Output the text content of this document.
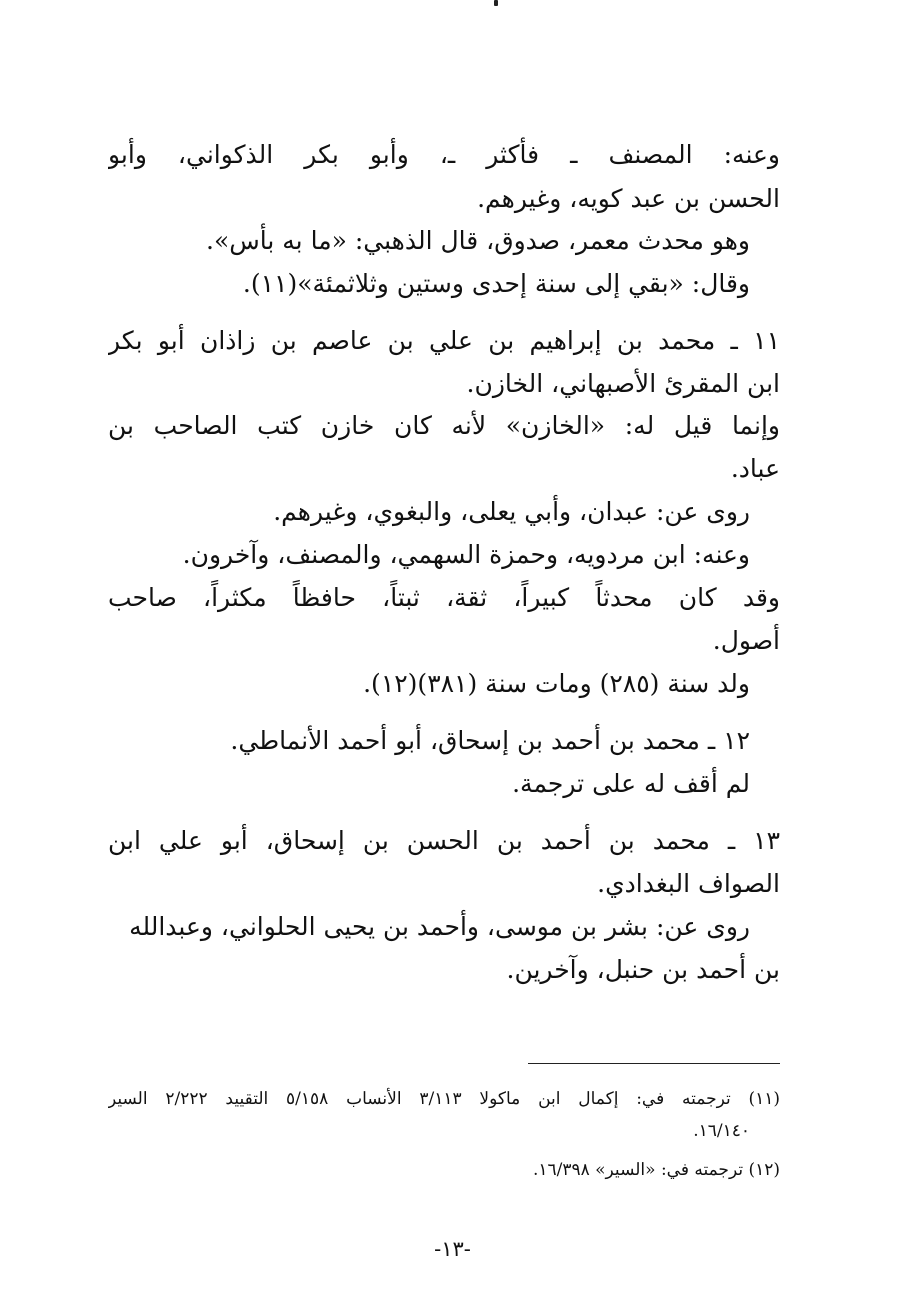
وعنه: المصنف ـ فأكثر ـ، وأبو بكر الذكواني، وأبو
الحسن بن عبد كويه، وغيرهم.
وهو محدث معمر، صدوق، قال الذهبي: «ما به بأس».
وقال: «بقي إلى سنة إحدى وستين وثلاثمئة»(١١).
١١ ـ محمد بن إبراهيم بن علي بن عاصم بن زاذان أبو بكر
ابن المقرئ الأصبهاني، الخازن.
وإنما قيل له: «الخازن» لأنه كان خازن كتب الصاحب بن
عباد.
روى عن: عبدان، وأبي يعلى، والبغوي، وغيرهم.
وعنه: ابن مردويه، وحمزة السهمي، والمصنف، وآخرون.
وقد كان محدثاً كبيراً، ثقة، ثبتاً، حافظاً مكثراً، صاحب
أصول.
ولد سنة (٢٨٥) ومات سنة (٣٨١)(١٢).
١٢ ـ محمد بن أحمد بن إسحاق، أبو أحمد الأنماطي.
لم أقف له على ترجمة.
١٣ ـ محمد بن أحمد بن الحسن بن إسحاق، أبو علي ابن
الصواف البغدادي.
روى عن: بشر بن موسى، وأحمد بن يحيى الحلواني، وعبدالله
بن أحمد بن حنبل، وآخرين.
(١١) ترجمته في: إكمال ابن ماكولا ٣/١١٣ الأنساب ٥/١٥٨ التقييد ٢/٢٢٢ السير
١٦/١٤٠.
(١٢) ترجمته في: «السير» ١٦/٣٩٨.
-١٣-
